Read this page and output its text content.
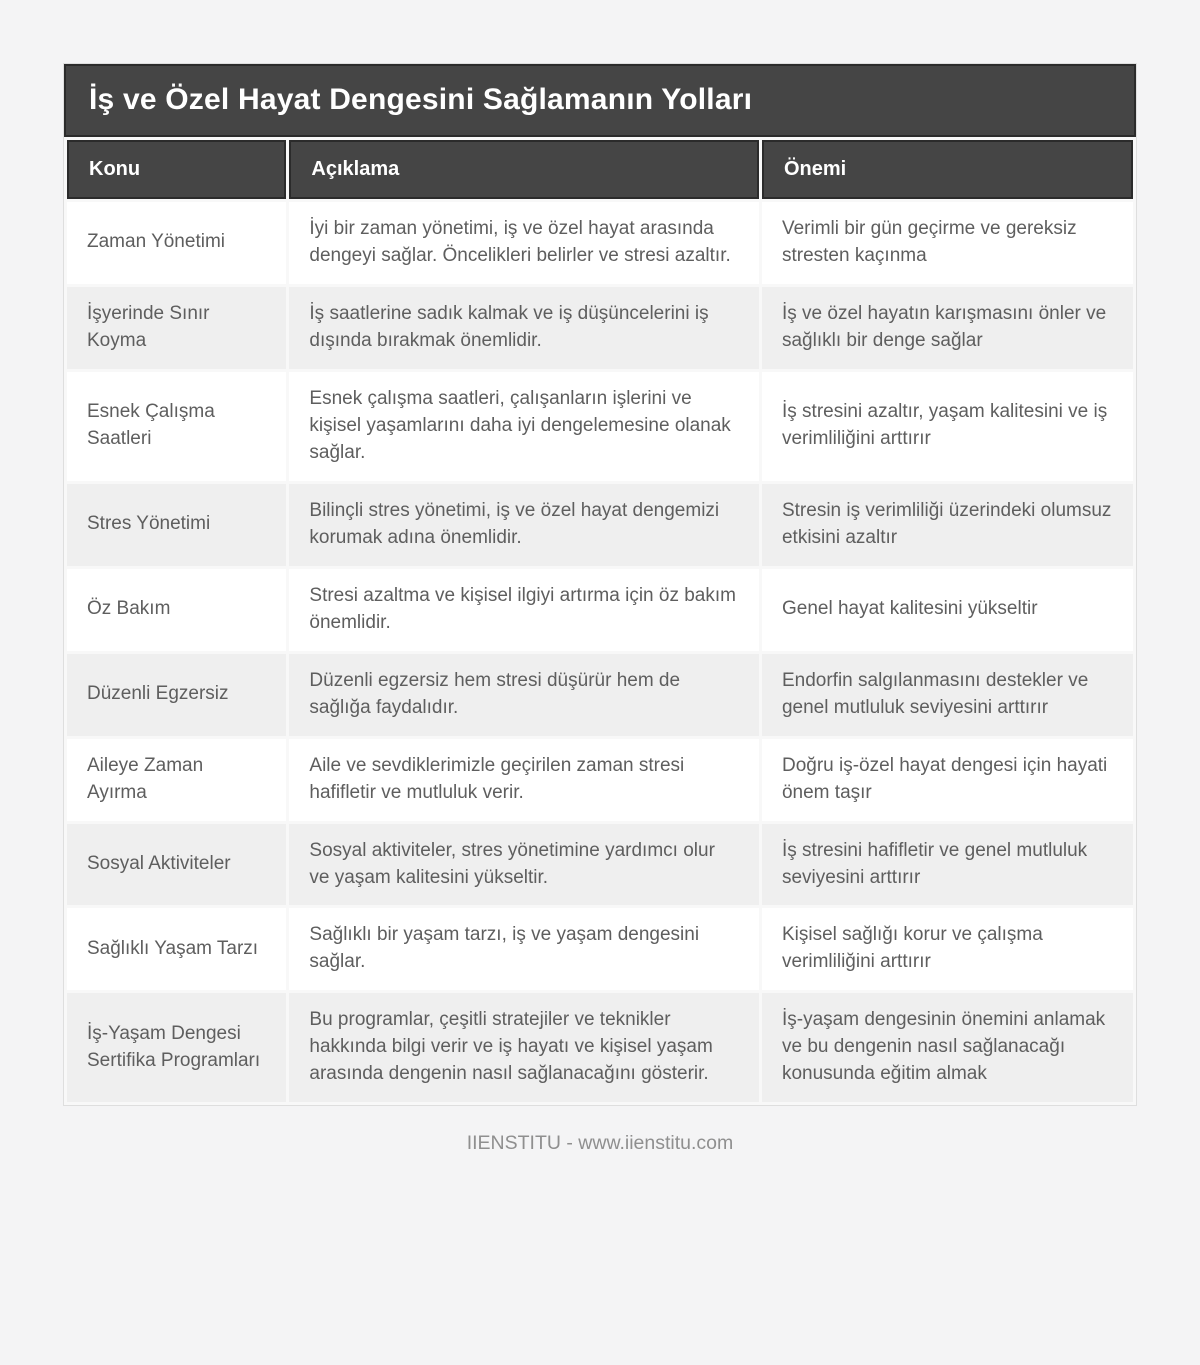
İş ve Özel Hayat Dengesini Sağlamanın Yolları
Konu	Açıklama	Önemi
Zaman Yönetimi	İyi bir zaman yönetimi, iş ve özel hayat arasında dengeyi sağlar. Öncelikleri belirler ve stresi azaltır.	Verimli bir gün geçirme ve gereksiz stresten kaçınma
İşyerinde Sınır Koyma	İş saatlerine sadık kalmak ve iş düşüncelerini iş dışında bırakmak önemlidir.	İş ve özel hayatın karışmasını önler ve sağlıklı bir denge sağlar
Esnek Çalışma Saatleri	Esnek çalışma saatleri, çalışanların işlerini ve kişisel yaşamlarını daha iyi dengelemesine olanak sağlar.	İş stresini azaltır, yaşam kalitesini ve iş verimliliğini arttırır
Stres Yönetimi	Bilinçli stres yönetimi, iş ve özel hayat dengemizi korumak adına önemlidir.	Stresin iş verimliliği üzerindeki olumsuz etkisini azaltır
Öz Bakım	Stresi azaltma ve kişisel ilgiyi artırma için öz bakım önemlidir.	Genel hayat kalitesini yükseltir
Düzenli Egzersiz	Düzenli egzersiz hem stresi düşürür hem de sağlığa faydalıdır.	Endorfin salgılanmasını destekler ve genel mutluluk seviyesini arttırır
Aileye Zaman Ayırma	Aile ve sevdiklerimizle geçirilen zaman stresi hafifletir ve mutluluk verir.	Doğru iş-özel hayat dengesi için hayati önem taşır
Sosyal Aktiviteler	Sosyal aktiviteler, stres yönetimine yardımcı olur ve yaşam kalitesini yükseltir.	İş stresini hafifletir ve genel mutluluk seviyesini arttırır
Sağlıklı Yaşam Tarzı	Sağlıklı bir yaşam tarzı, iş ve yaşam dengesini sağlar.	Kişisel sağlığı korur ve çalışma verimliliğini arttırır
İş-Yaşam Dengesi Sertifika Programları	Bu programlar, çeşitli stratejiler ve teknikler hakkında bilgi verir ve iş hayatı ve kişisel yaşam arasında dengenin nasıl sağlanacağını gösterir.	İş-yaşam dengesinin önemini anlamak ve bu dengenin nasıl sağlanacağı konusunda eğitim almak
IIENSTITU - www.iienstitu.com
